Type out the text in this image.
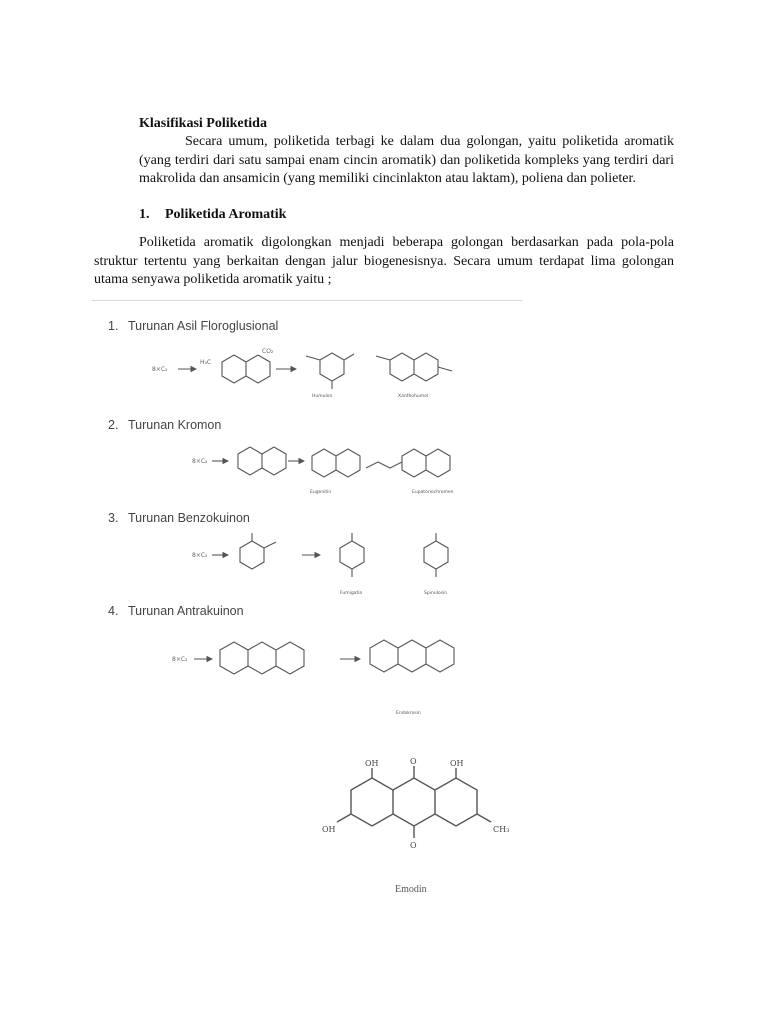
Klasifikasi Poliketida

Secara umum, poliketida terbagi ke dalam dua golongan, yaitu poliketida aromatik (yang terdiri dari satu sampai enam cincin aromatik) dan poliketida kompleks yang terdiri dari makrolida dan ansamicin (yang memiliki cincinlakton atau laktam), poliena dan polieter.

1. Poliketida Aromatik

Poliketida aromatik digolongkan menjadi beberapa golongan berdasarkan pada pola-pola struktur tertentu yang berkaitan dengan jalur biogenesisnya. Secara umum terdapat lima golongan utama senyawa poliketida aromatik yaitu ;

1. Turunan Asil Floroglusional
2. Turunan Kromon
3. Turunan Benzokuinon
4. Turunan Antrakuinon
8×C₂
H₃C
CO₂
Humulon	Xanthohumol
8×C₂
Eugenitin	Eupatoriochromen
8×C₂
Fumigatin	Spinulosin
8×C₂
Endokrosin
OH	OH
OH	CH₃
O
O
Emodin
